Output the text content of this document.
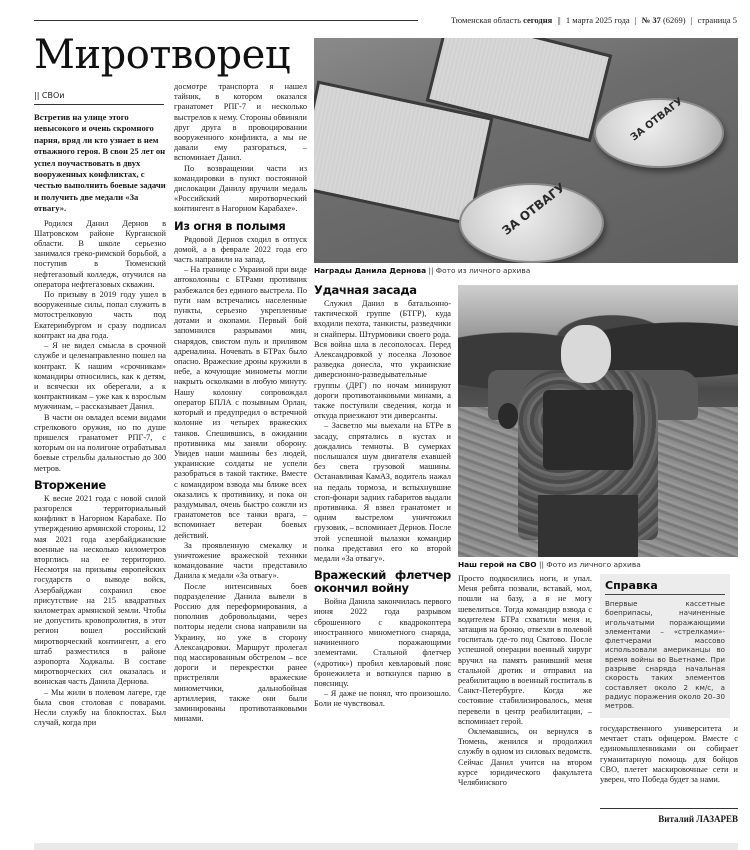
Тюменская область сегодня || 1 марта 2025 года | № 37 (6269) | страница 5
Миротворец
|| СВОи

Встретив на улице этого невысокого и очень скромного парня, вряд ли кто узнает в нем отважного героя. В свои 25 лет он успел поучаствовать в двух вооруженных конфликтах, с честью выполнить боевые задачи и получить две медали «За отвагу».

Родился Данил Дернов в Шатровском районе Курганской области. В школе серьезно занимался греко-римской борьбой, а поступив в Тюменский нефтегазовый колледж, отучился на оператора нефтегазовых скважин.

По призыву в 2019 году ушел в вооруженные силы, попал служить в мотострелковую часть под Екатеринбургом и сразу подписал контракт на два года.

– Я не видел смысла в срочной службе и целенаправленно пошел на контракт. К нашим «срочникам» командиры относились, как к детям, и всячески их оберегали, а к контрактникам – уже как к взрослым мужчинам, – рассказывает Данил.

В части он овладел всеми видами стрелкового оружия, но по душе пришелся гранатомет РПГ-7, с которым он на полигоне отрабатывал боевые стрельбы дальностью до 300 метров.

Вторжение

К весне 2021 года с новой силой разгорелся территориальный конфликт в Нагорном Карабахе. По утверждению армянской стороны, 12 мая 2021 года азербайджанские военные на несколько километров вторглись на ее территорию. Несмотря на призывы европейских государств о выводе войск, Азербайджан сохранил свое присутствие на 215 квадратных километрах армянской земли. Чтобы не допустить кровопролития, в этот регион вошел российский миротворческий контингент, а его штаб разместился в районе аэропорта Ходжалы. В составе миротворческих сил оказалась и воинская часть Данила Дернова.

– Мы жили в полевом лагере, где была своя столовая с поварами. Несли службу на блокпостах. Был случай, когда при

досмотре транспорта я нашел тайник, в котором оказался гранатомет РПГ-7 и несколько выстрелов к нему. Стороны обвиняли друг друга в провоцировании вооруженного конфликта, а мы не давали ему разгораться, – вспоминает Данил.

По возвращении части из командировки в пункт постоянной дислокации Данилу вручили медаль «Российский миротворческий контингент в Нагорном Карабахе».

Из огня в полымя

Рядовой Дернов сходил в отпуск домой, а в феврале 2022 года его часть направили на запад.

– На границе с Украиной при виде автоколонны с БТРами противник разбежался без единого выстрела. По пути нам встречались населенные пункты, серьезно укрепленные дотами и окопами. Первый бой запомнился разрывами мин, снарядов, свистом пуль и приливом адреналина. Ночевать в БТРах было опасно. Вражеские дроны кружили в небе, а кочующие минометы могли накрыть осколками в любую минуту. Нашу колонну сопровождал оператор БПЛА с позывным Орлан, который и предупредил о встречной колонне из четырех вражеских танков. Спешившись, в ожидании противника мы заняли оборону. Увидев наши машины без людей, украинские солдаты не успели разобраться в такой тактике. Вместе с командиром взвода мы ближе всех оказались к противнику, и пока он раздумывал, очень быстро сожгли из гранатометов все танки врага, – вспоминает ветеран боевых действий.

За проявленную смекалку и уничтожение вражеской техники командование части представило Данила к медали «За отвагу».

После интенсивных боев подразделение Данила вывели в Россию для переформирования, а пополнив добровольцами, через полторы недели снова направили на Украину, но уже в сторону Александровки. Маршрут пролегал под массированным обстрелом – все дороги и перекрестки ранее пристреляли вражеские минометчики, дальнобойная артиллерия, также они были заминированы противотанковыми минами.

ЗА ОТВАГУ
ЗА ОТВАГУ
Награды Данила Дернова || Фото из личного архива
Удачная засада

Служил Данил в батальонно-тактической группе (БТГР), куда входили пехота, танкисты, разведчики и снайперы. Штурмовики своего рода. Вся война шла в лесополосах. Перед Александровкой у поселка Лозовое разведка донесла, что украинские диверсионно-разведывательные группы (ДРГ) по ночам минируют дороги противотанковыми минами, а также поступили сведения, когда и откуда приезжают эти диверсанты.

– Засветло мы выехали на БТРе в засаду, спрятались в кустах и дождались темноты. В сумерках послышался шум двигателя ехавшей без света грузовой машины. Останавливая КамАЗ, водитель нажал на педаль тормоза, и вспыхнувшие стоп-фонари задних габаритов выдали противника. Я взвел гранатомет и одним выстрелом уничтожил грузовик, – вспоминает Дернов. После этой успешной вылазки командир полка представил его ко второй медали «За отвагу».

Вражеский флетчер окончил войну

Война Данила закончилась первого июня 2022 года разрывом сброшенного с квадрокоптера иностранного минометного снаряда, начиненного поражающими элементами. Стальной флетчер («дротик») пробил кевларовый пояс бронежилета и воткнулся парню в поясницу.

– Я даже не понял, что произошло. Боли не чувствовал.

Наш герой на СВО || Фото из личного архива

Просто подкосились ноги, и упал. Меня ребята позвали, вставай, мол, пошли на базу, а я не могу шевелиться. Тогда командир взвода с водителем БТРа схватили меня и, затащив на броню, отвезли в полевой госпиталь где-то под Сватово. После успешной операции военный хирург вручил на память ранивший меня стальной дротик и отправил на реабилитацию в военный госпиталь в Санкт-Петербурге. Когда же состояние стабилизировалось, меня перевели в центр реабилитации, – вспоминает герой.

Оклемавшись, он вернулся в Тюмень, женился и продолжил службу в одном из силовых ведомств. Сейчас Данил учится на втором курсе юридического факультета Челябинского

Справка

Впервые кассетные боеприпасы, начиненные игольчатыми поражающими элементами – «стрелками»-флетчерами массово использовали американцы во время войны во Вьетнаме. При разрыве снаряда начальная скорость таких элементов составляет около 2 км/с, а радиус поражения около 20–30 метров.

государственного университета и мечтает стать офицером. Вместе с единомышленниками он собирает гуманитарную помощь для бойцов СВО, плетет маскировочные сети и уверен, что Победа будет за нами.

Виталий ЛАЗАРЕВ
